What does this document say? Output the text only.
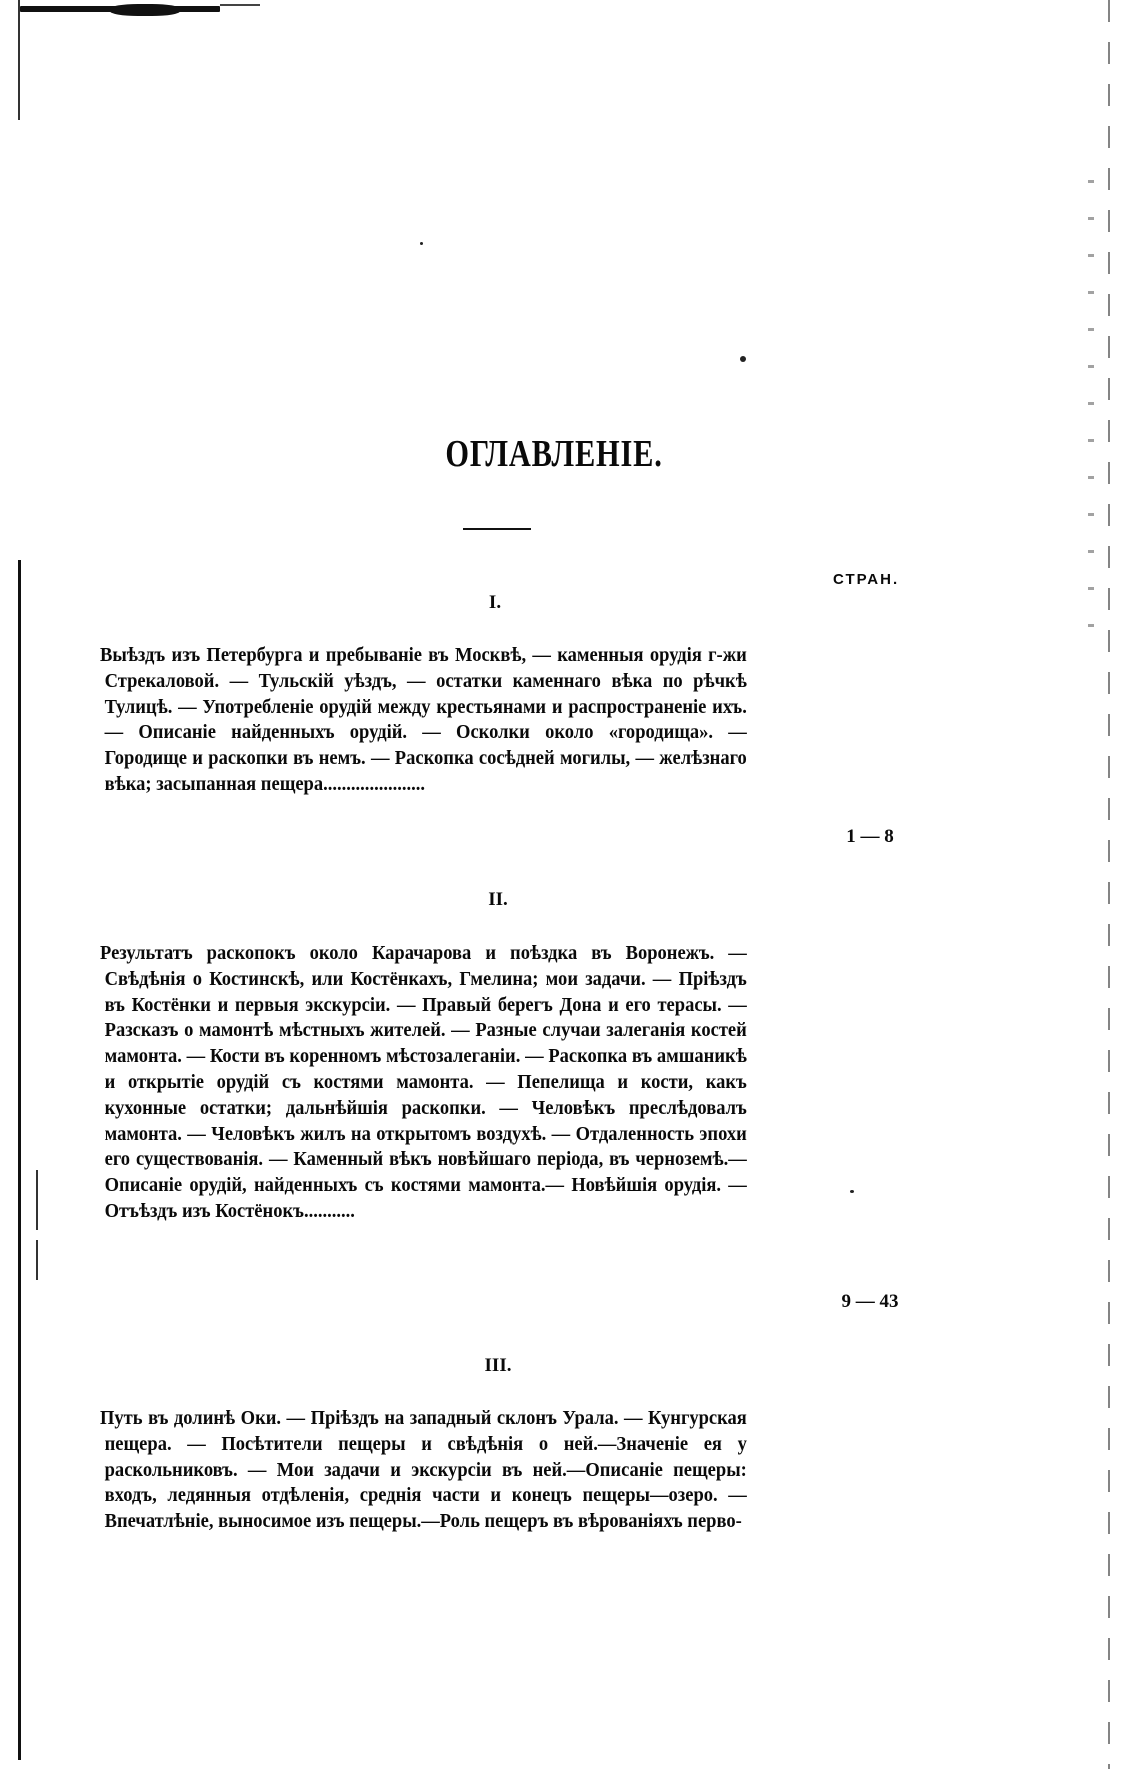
ОГЛАВЛЕНІЕ.
СТРАН.
I.
Выѣздъ изъ Петербурга и пребываніе въ Москвѣ, — каменныя орудія г-жи Стрекаловой. — Тульскій уѣздъ, — остатки каменнаго вѣка по рѣчкѣ Тулицѣ. — Употребленіе орудій между крестьянами и распространеніе ихъ. — Описаніе найденныхъ орудій. — Осколки около «городища». — Городище и раскопки въ немъ. — Раскопка сосѣдней могилы, — желѣзнаго вѣка; засыпанная пещера......................
1 — 8
II.
Результатъ раскопокъ около Карачарова и поѣздка въ Воронежъ. — Свѣдѣнія о Костинскѣ, или Костёнкахъ, Гмелина; мои задачи. — Пріѣздъ въ Костёнки и первыя экскурсіи. — Правый берегъ Дона и его терасы. — Разсказъ о мамонтѣ мѣстныхъ жителей. — Разные случаи залеганія костей мамонта. — Кости въ коренномъ мѣстозалеганіи. — Раскопка въ амшаникѣ и открытіе орудій съ костями мамонта. — Пепелища и кости, какъ кухонные остатки; дальнѣйшія раскопки. — Человѣкъ преслѣдовалъ мамонта. — Человѣкъ жилъ на открытомъ воздухѣ. — Отдаленность эпохи его существованія. — Каменный вѣкъ новѣйшаго періода, въ черноземѣ.—Описаніе орудій, найденныхъ съ костями мамонта.— Новѣйшія орудія. — Отъѣздъ изъ Костёнокъ...........
9 — 43
III.
Путь въ долинѣ Оки. — Пріѣздъ на западный склонъ Урала. — Кунгурская пещера. — Посѣтители пещеры и свѣдѣнія о ней.—Значеніе ея у раскольниковъ. — Мои задачи и экскурсіи въ ней.—Описаніе пещеры: входъ, ледянныя отдѣленія, среднія части и конецъ пещеры—озеро. — Впечатлѣніе, выносимое изъ пещеры.—Роль пещеръ въ вѣрованіяхъ перво-
